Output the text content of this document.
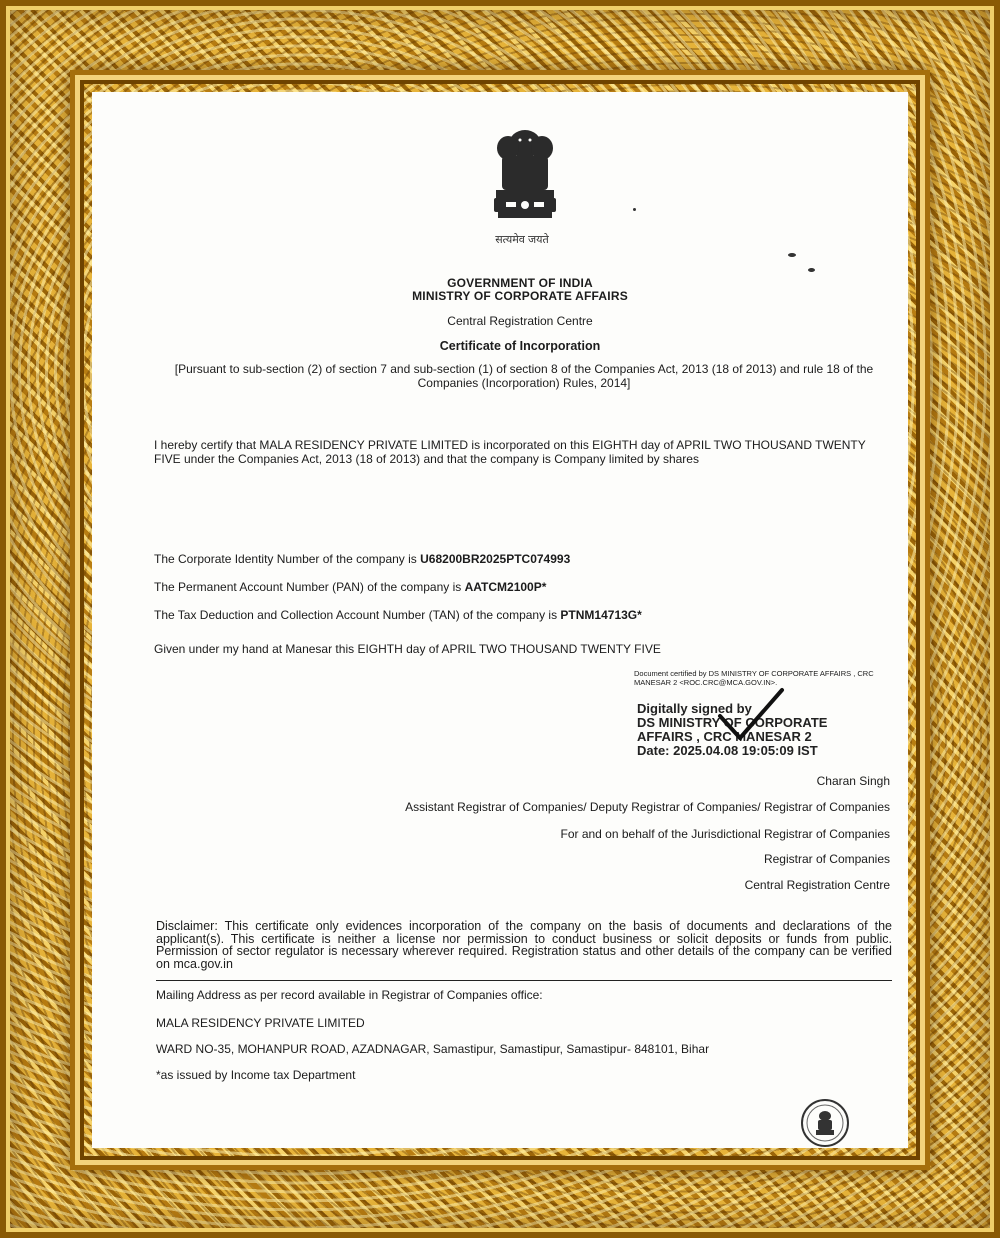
सत्यमेव जयते
GOVERNMENT OF INDIA
MINISTRY OF CORPORATE AFFAIRS
Central Registration Centre
Certificate of Incorporation
[Pursuant to sub-section (2) of section 7 and sub-section (1) of section 8 of the Companies Act, 2013 (18 of 2013) and rule 18 of the Companies (Incorporation) Rules, 2014]
I hereby certify that MALA RESIDENCY PRIVATE LIMITED is incorporated on this EIGHTH day of APRIL TWO THOUSAND TWENTY FIVE under the Companies Act, 2013 (18 of 2013) and that the company is Company limited by shares
The Corporate Identity Number of the company is U68200BR2025PTC074993
The Permanent Account Number (PAN) of the company is AATCM2100P*
The Tax Deduction and Collection Account Number (TAN) of the company is PTNM14713G*
Given under my hand at Manesar this EIGHTH day of APRIL TWO THOUSAND TWENTY FIVE
Document certified by DS MINISTRY OF CORPORATE AFFAIRS , CRC MANESAR 2 <ROC.CRC@MCA.GOV.IN>.
Digitally signed by
DS MINISTRY OF CORPORATE
AFFAIRS , CRC MANESAR 2
Date: 2025.04.08 19:05:09 IST
Charan Singh
Assistant Registrar of Companies/ Deputy Registrar of Companies/ Registrar of Companies
For and on behalf of the Jurisdictional Registrar of Companies
Registrar of Companies
Central Registration Centre
Disclaimer: This certificate only evidences incorporation of the company on the basis of documents and declarations of the applicant(s). This certificate is neither a license nor permission to conduct business or solicit deposits or funds from public. Permission of sector regulator is necessary wherever required. Registration status and other details of the company can be verified on mca.gov.in
Mailing Address as per record available in Registrar of Companies office:
MALA RESIDENCY PRIVATE LIMITED
WARD NO-35, MOHANPUR ROAD, AZADNAGAR, Samastipur, Samastipur, Samastipur- 848101, Bihar
*as issued by Income tax Department
